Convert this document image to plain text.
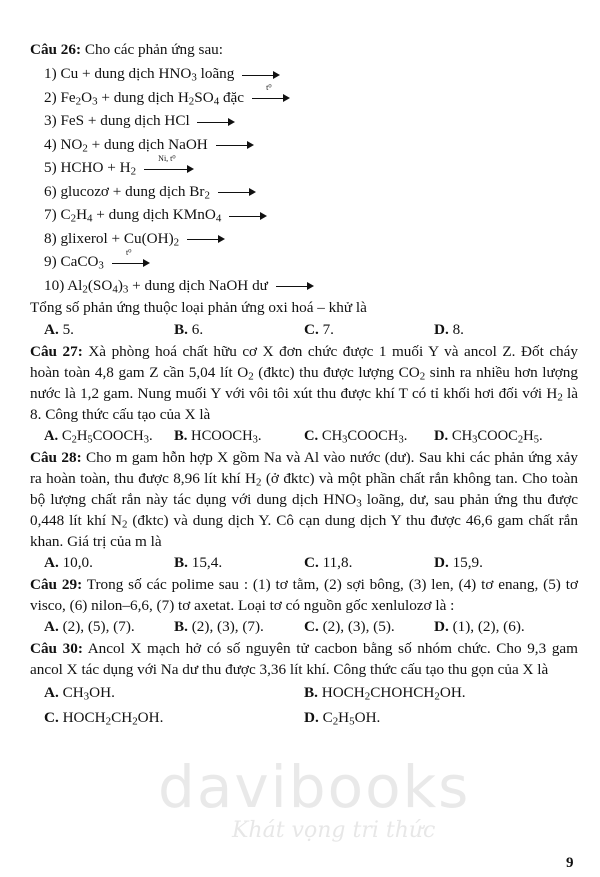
Câu 26: Cho các phản ứng sau:
1) Cu + dung dịch $HNO_3$ loãng
2) $Fe_2O_3$ + dung dịch $H_2SO_4$ đặc
t⁰
3) FeS + dung dịch HCl
4) $NO_2$ + dung dịch NaOH
5) HCHO + $H_2$
Ni, t⁰
6) glucozơ + dung dịch $Br_2$
7) $C_2H_4$ + dung dịch KMnO$_4$
8) glixerol + $Cu(OH)_2$
9) CaCO$_3$
t⁰
10) $Al_2(SO_4)_3$ + dung dịch NaOH dư
Tổng số phản ứng thuộc loại phản ứng oxi hoá – khử là
A. 5.	B. 6.	C. 7.	D. 8.
Câu 27: Xà phòng hoá chất hữu cơ X đơn chức được 1 muối Y và ancol Z. Đốt cháy hoàn toàn 4,8 gam Z cần 5,04 lít $O_2$ (đktc) thu được lượng $CO_2$ sinh ra nhiều hơn lượng nước là 1,2 gam. Nung muối Y với vôi tôi xút thu được khí T có tỉ khối hơi đối với $H_2$ là 8. Công thức cấu tạo của X là
A. $C_2H_5COOCH_3$.	B. $HCOOCH_3$.	C. $CH_3COOCH_3$.	D. $CH_3COOC_2H_5$.
Câu 28: Cho m gam hỗn hợp X gồm Na và Al vào nước (dư). Sau khi các phản ứng xảy ra hoàn toàn, thu được 8,96 lít khí $H_2$ (ở đktc) và một phần chất rắn không tan. Cho toàn bộ lượng chất rắn này tác dụng với dung dịch $HNO_3$ loãng, dư, sau phản ứng thu được 0,448 lít khí $N_2$ (đktc) và dung dịch Y. Cô cạn dung dịch Y thu được 46,6 gam chất rắn khan. Giá trị của m là
A. 10,0.	B. 15,4.	C. 11,8.	D. 15,9.
Câu 29: Trong số các polime sau : (1) tơ tằm, (2) sợi bông, (3) len, (4) tơ enang, (5) tơ visco, (6) nilon–6,6, (7) tơ axetat. Loại tơ có nguồn gốc xenlulozơ là :
A. (2), (5), (7).	B. (2), (3), (7).	C. (2), (3), (5).	D. (1), (2), (6).
Câu 30: Ancol X mạch hở có số nguyên tử cacbon bằng số nhóm chức. Cho 9,3 gam ancol X tác dụng với Na dư thu được 3,36 lít khí. Công thức cấu tạo thu gọn của X là
A. $CH_3OH$.	B. $HOCH_2CHOHCH_2OH$.
C. $HOCH_2CH_2OH$.	D. $C_2H_5OH$.
davibooks
Khát vọng tri thức
9
